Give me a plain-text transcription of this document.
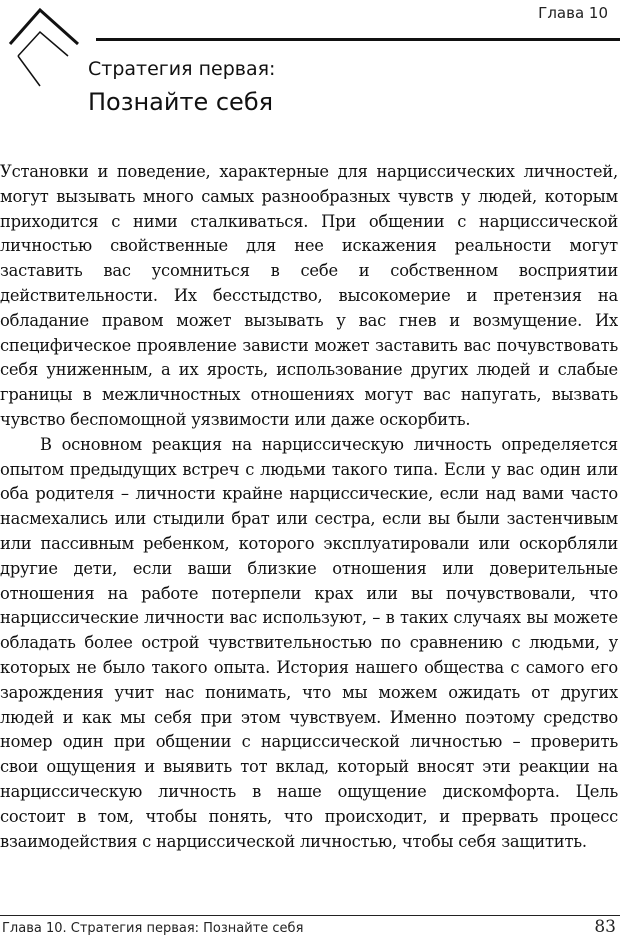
Глава 10
Стратегия первая:
Познайте себя

Установки и поведение, характерные для нарциссических личностей, могут вызывать много самых разнообразных чувств у людей, которым приходится с ними сталкиваться. При общении с нарциссической личностью свойственные для нее искажения реальности могут заставить вас усомниться в себе и собственном восприятии действительности. Их бесстыдство, высокомерие и претензия на обладание правом может вызывать у вас гнев и возмущение. Их специфическое проявление зависти может заставить вас почувствовать себя униженным, а их ярость, использование других людей и слабые границы в межличностных отношениях могут вас напугать, вызвать чувство беспомощной уязвимости или даже оскорбить.

В основном реакция на нарциссическую личность определяется опытом предыдущих встреч с людьми такого типа. Если у вас один или оба родителя – личности крайне нарциссические, если над вами часто насмехались или стыдили брат или сестра, если вы были застенчивым или пассивным ребенком, которого эксплуатировали или оскорбляли другие дети, если ваши близкие отношения или доверительные отношения на работе потерпели крах или вы почувствовали, что нарциссические личности вас используют, – в таких случаях вы можете обладать более острой чувствительностью по сравнению с людьми, у которых не было такого опыта. История нашего общества с самого его зарождения учит нас понимать, что мы можем ожидать от других людей и как мы себя при этом чувствуем. Именно поэтому средство номер один при общении с нарциссической личностью – проверить свои ощущения и выявить тот вклад, который вносят эти реакции на нарциссическую личность в наше ощущение дискомфорта. Цель состоит в том, чтобы понять, что происходит, и прервать процесс взаимодействия с нарциссической личностью, чтобы себя защитить.

Глава 10. Стратегия первая: Познайте себя	83
